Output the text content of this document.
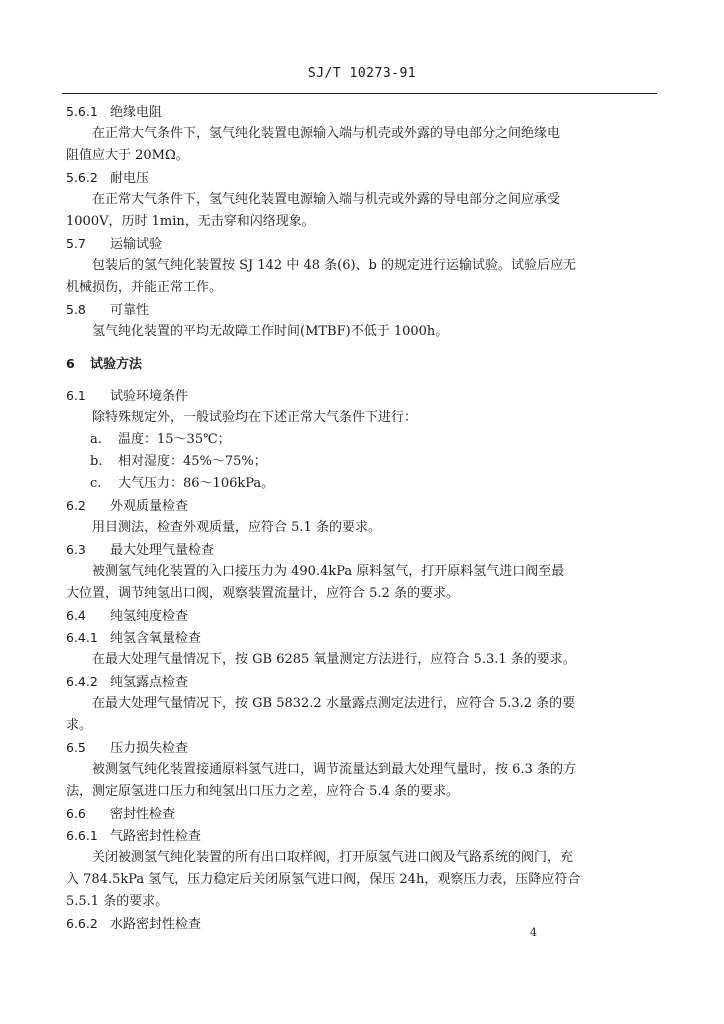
SJ/T 10273-91
5.6.1 绝缘电阻
在正常大气条件下，氢气纯化装置电源输入端与机壳或外露的导电部分之间绝缘电
阻值应大于 20MΩ。
5.6.2 耐电压
在正常大气条件下，氢气纯化装置电源输入端与机壳或外露的导电部分之间应承受
1000V，历时 1min，无击穿和闪络现象。
5.7 运输试验
包装后的氢气纯化装置按 SJ 142 中 48 条(6)、b 的规定进行运输试验。试验后应无
机械损伤，并能正常工作。
5.8 可靠性
氢气纯化装置的平均无故障工作时间(MTBF)不低于 1000h。
6 试验方法
6.1 试验环境条件
除特殊规定外，一般试验均在下述正常大气条件下进行：
a. 温度：15～35℃；
b. 相对湿度：45%～75%；
c. 大气压力：86～106kPa。
6.2 外观质量检查
用目测法，检查外观质量，应符合 5.1 条的要求。
6.3 最大处理气量检查
被测氢气纯化装置的入口接压力为 490.4kPa 原料氢气，打开原料氢气进口阀至最
大位置，调节纯氢出口阀，观察装置流量计，应符合 5.2 条的要求。
6.4 纯氢纯度检查
6.4.1 纯氢含氧量检查
在最大处理气量情况下，按 GB 6285 氧量测定方法进行，应符合 5.3.1 条的要求。
6.4.2 纯氢露点检查
在最大处理气量情况下，按 GB 5832.2 水量露点测定法进行，应符合 5.3.2 条的要
求。
6.5 压力损失检查
被测氢气纯化装置接通原料氢气进口，调节流量达到最大处理气量时，按 6.3 条的方
法，测定原氢进口压力和纯氢出口压力之差，应符合 5.4 条的要求。
6.6 密封性检查
6.6.1 气路密封性检查
关闭被测氢气纯化装置的所有出口取样阀，打开原氢气进口阀及气路系统的阀门，充
入 784.5kPa 氢气，压力稳定后关闭原氢气进口阀，保压 24h，观察压力表，压降应符合
5.5.1 条的要求。
6.6.2 水路密封性检查
4
